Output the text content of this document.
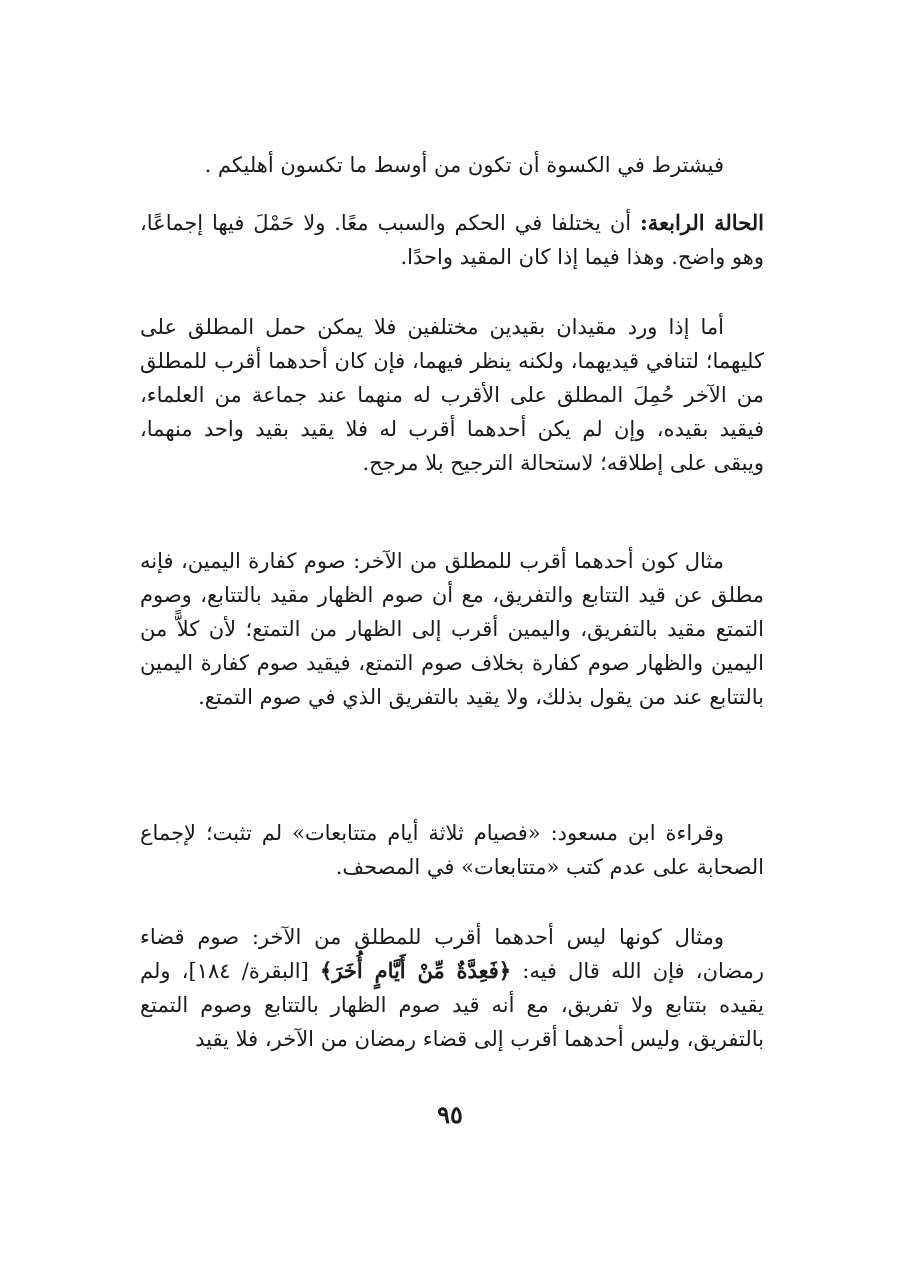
فيشترط في الكسوة أن تكون من أوسط ما تكسون أهليكم .

الحالة الرابعة: أن يختلفا في الحكم والسبب معًا. ولا حَمْلَ فيها إجماعًا، وهو واضح. وهذا فيما إذا كان المقيد واحدًا.

أما إذا ورد مقيدان بقيدين مختلفين فلا يمكن حمل المطلق على كليهما؛ لتنافي قيديهما، ولكنه ينظر فيهما، فإن كان أحدهما أقرب للمطلق من الآخر حُمِلَ المطلق على الأقرب له منهما عند جماعة من العلماء، فيقيد بقيده، وإن لم يكن أحدهما أقرب له فلا يقيد بقيد واحد منهما، ويبقى على إطلاقه؛ لاستحالة الترجيح بلا مرجح.

مثال كون أحدهما أقرب للمطلق من الآخر: صوم كفارة اليمين، فإنه مطلق عن قيد التتابع والتفريق، مع أن صوم الظهار مقيد بالتتابع، وصوم التمتع مقيد بالتفريق، واليمين أقرب إلى الظهار من التمتع؛ لأن كلاًّ من اليمين والظهار صوم كفارة بخلاف صوم التمتع، فيقيد صوم كفارة اليمين بالتتابع عند من يقول بذلك، ولا يقيد بالتفريق الذي في صوم التمتع.

وقراءة ابن مسعود: «فصيام ثلاثة أيام متتابعات» لم تثبت؛ لإجماع الصحابة على عدم كتب «متتابعات» في المصحف.

ومثال كونها ليس أحدهما أقرب للمطلق من الآخر: صوم قضاء رمضان، فإن الله قال فيه: ﴿فَعِدَّةٌ مِّنْ أَيَّامٍ أُخَرَ﴾ [البقرة/ ١٨٤]، ولم يقيده بتتابع ولا تفريق، مع أنه قيد صوم الظهار بالتتابع وصوم التمتع بالتفريق، وليس أحدهما أقرب إلى قضاء رمضان من الآخر، فلا يقيد

٩٥
